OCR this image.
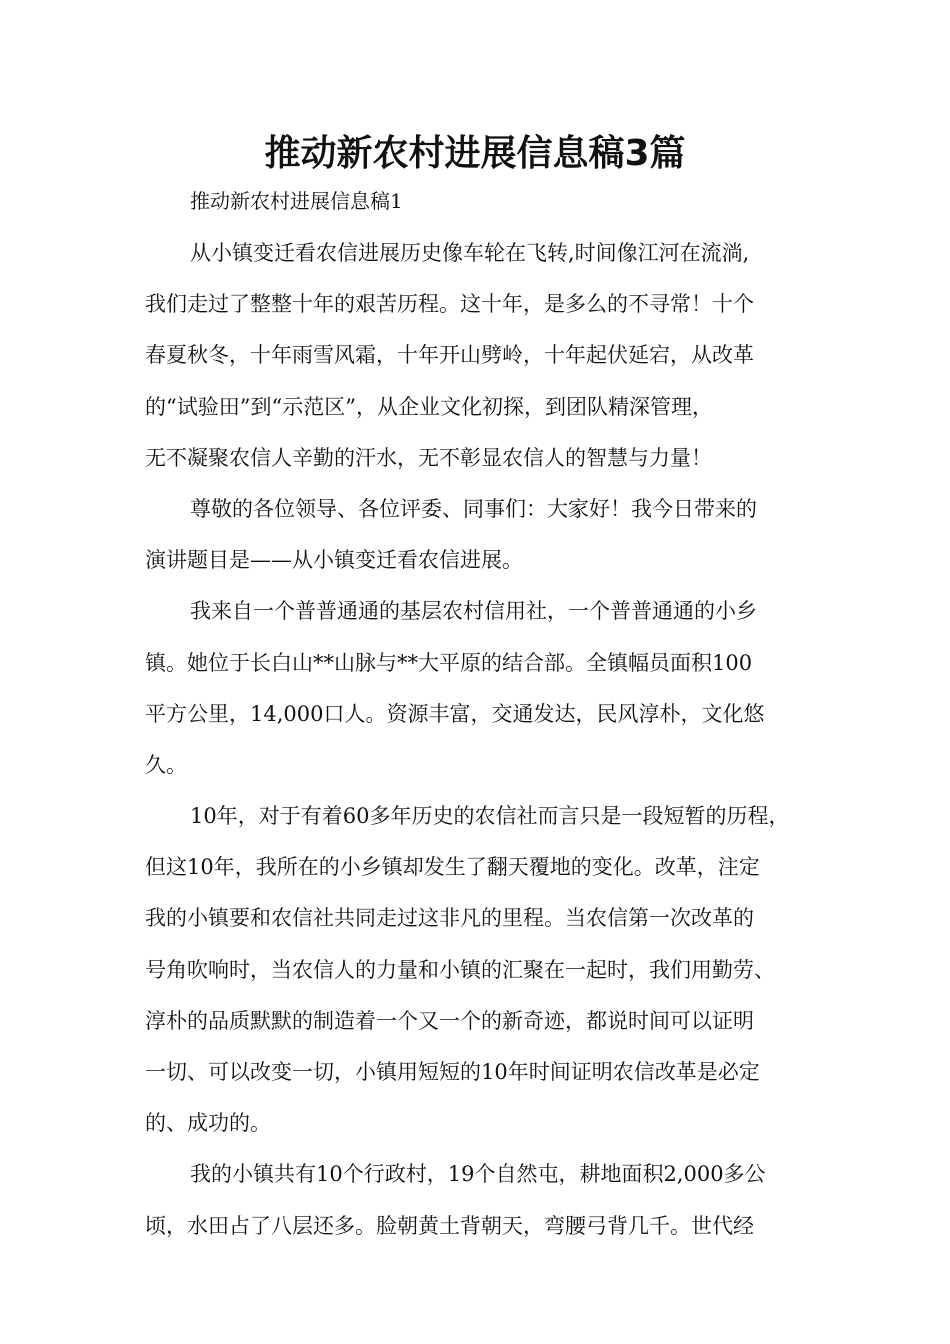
推动新农村进展信息稿3篇

推动新农村进展信息稿1

从小镇变迁看农信进展历史像车轮在飞转,时间像江河在流淌,
我们走过了整整十年的艰苦历程。这十年，是多么的不寻常！十个
春夏秋冬，十年雨雪风霜，十年开山劈岭，十年起伏延宕，从改革
的“试验田”到“示范区”，从企业文化初探，到团队精深管理，
无不凝聚农信人辛勤的汗水，无不彰显农信人的智慧与力量！
尊敬的各位领导、各位评委、同事们：大家好！我今日带来的
演讲题目是——从小镇变迁看农信进展。
我来自一个普普通通的基层农村信用社，一个普普通通的小乡
镇。她位于长白山**山脉与**大平原的结合部。全镇幅员面积100
平方公里，14,000口人。资源丰富，交通发达，民风淳朴，文化悠
久。
10年，对于有着60多年历史的农信社而言只是一段短暂的历程，
但这10年，我所在的小乡镇却发生了翻天覆地的变化。改革，注定
我的小镇要和农信社共同走过这非凡的里程。当农信第一次改革的
号角吹响时，当农信人的力量和小镇的汇聚在一起时，我们用勤劳、
淳朴的品质默默的制造着一个又一个的新奇迹，都说时间可以证明
一切、可以改变一切，小镇用短短的10年时间证明农信改革是必定
的、成功的。
我的小镇共有10个行政村，19个自然屯，耕地面积2,000多公
顷，水田占了八层还多。脸朝黄土背朝天，弯腰弓背几千。世代经
